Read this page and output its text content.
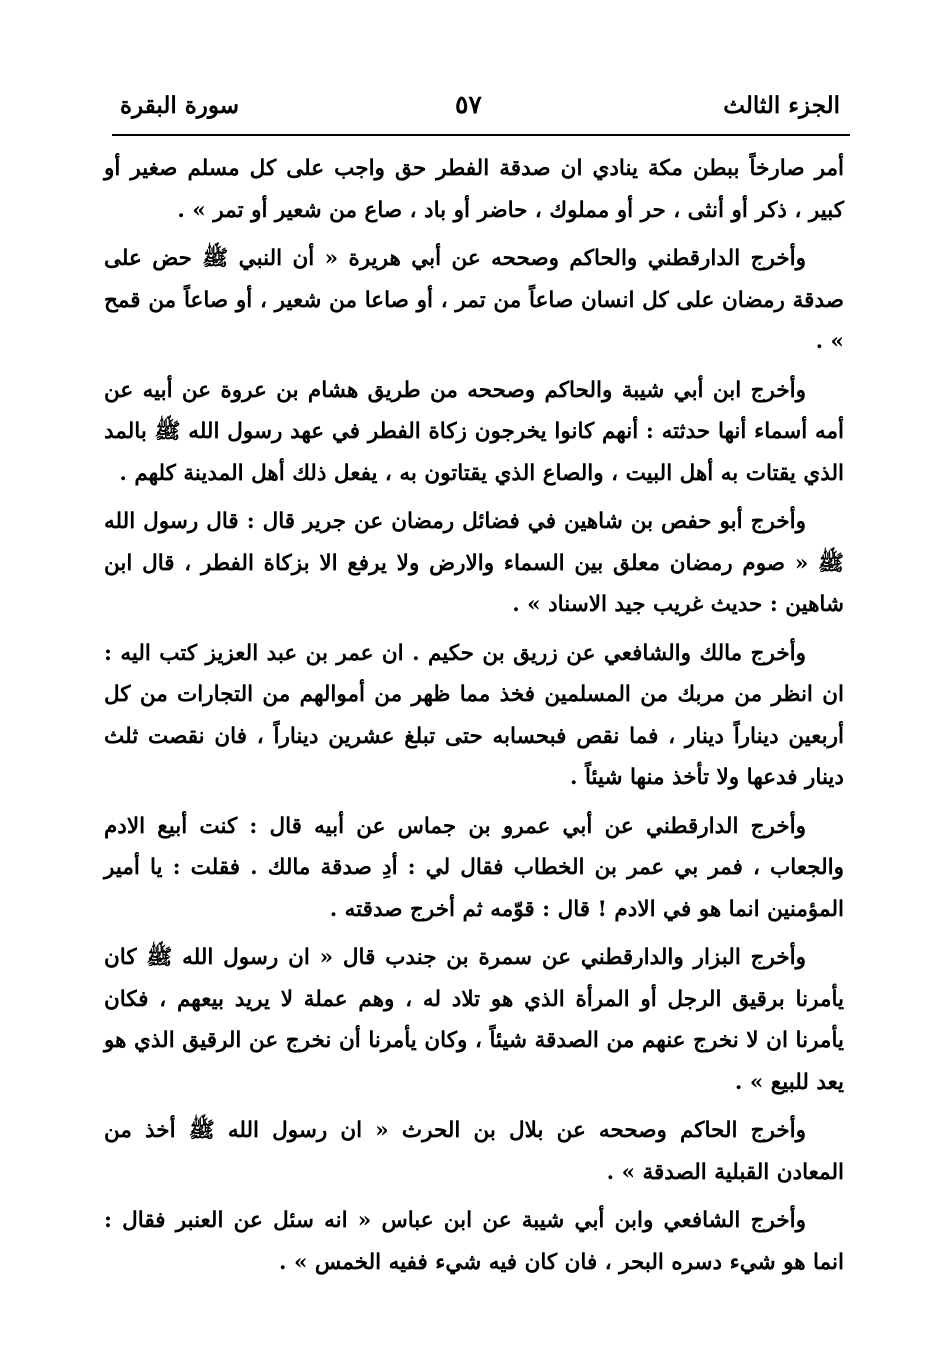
الجزء الثالث
٥٧
سورة البقرة

أمر صارخاً ببطن مكة ينادي ان صدقة الفطر حق واجب على كل مسلم صغير أو كبير ، ذكر أو أنثى ، حر أو مملوك ، حاضر أو باد ، صاع من شعير أو تمر » .

وأخرج الدارقطني والحاكم وصححه عن أبي هريرة « أن النبي ﷺ حض على صدقة رمضان على كل انسان صاعاً من تمر ، أو صاعا من شعير ، أو صاعاً من قمح » .

وأخرج ابن أبي شيبة والحاكم وصححه من طريق هشام بن عروة عن أبيه عن أمه أسماء أنها حدثته : أنهم كانوا يخرجون زكاة الفطر في عهد رسول الله ﷺ بالمد الذي يقتات به أهل البيت ، والصاع الذي يقتاتون به ، يفعل ذلك أهل المدينة كلهم .

وأخرج أبو حفص بن شاهين في فضائل رمضان عن جرير قال : قال رسول الله ﷺ « صوم رمضان معلق بين السماء والارض ولا يرفع الا بزكاة الفطر ، قال ابن شاهين : حديث غريب جيد الاسناد » .

وأخرج مالك والشافعي عن زريق بن حكيم . ان عمر بن عبد العزيز كتب اليه : ان انظر من مربك من المسلمين فخذ مما ظهر من أموالهم من التجارات من كل أربعين ديناراً دينار ، فما نقص فبحسابه حتى تبلغ عشرين ديناراً ، فان نقصت ثلث دينار فدعها ولا تأخذ منها شيئاً .

وأخرج الدارقطني عن أبي عمرو بن جماس عن أبيه قال : كنت أبيع الادم والجعاب ، فمر بي عمر بن الخطاب فقال لي : أدِ صدقة مالك . فقلت : يا أمير المؤمنين انما هو في الادم ! قال : قوّمه ثم أخرج صدقته .

وأخرج البزار والدارقطني عن سمرة بن جندب قال « ان رسول الله ﷺ كان يأمرنا برقيق الرجل أو المرأة الذي هو تلاد له ، وهم عملة لا يريد بيعهم ، فكان يأمرنا ان لا نخرج عنهم من الصدقة شيئاً ، وكان يأمرنا أن نخرج عن الرقيق الذي هو يعد للبيع » .

وأخرج الحاكم وصححه عن بلال بن الحرث « ان رسول الله ﷺ أخذ من المعادن القبلية الصدقة » .

وأخرج الشافعي وابن أبي شيبة عن ابن عباس « انه سئل عن العنبر فقال : انما هو شيء دسره البحر ، فان كان فيه شيء ففيه الخمس » .
